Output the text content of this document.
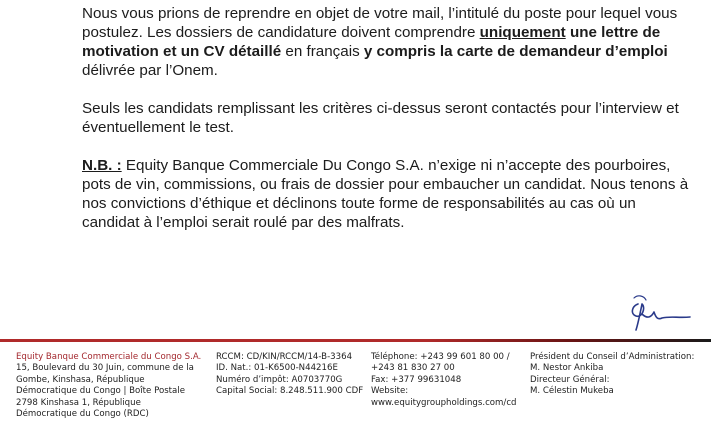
Nous vous prions de reprendre en objet de votre mail, l’intitulé du poste pour lequel vous postulez. Les dossiers de candidature doivent comprendre uniquement une lettre de motivation et un CV détaillé en français y compris la carte de demandeur d’emploi délivrée par l’Onem.

Seuls les candidats remplissant les critères ci-dessus seront contactés pour l’interview et éventuellement le test.

N.B. : Equity Banque Commerciale Du Congo S.A. n’exige ni n’accepte des pourboires, pots de vin, commissions, ou frais de dossier pour embaucher un candidat. Nous tenons à nos convictions d’éthique et déclinons toute forme de responsabilités au cas où un candidat à l’emploi serait roulé par des malfrats.

Equity Banque Commerciale du Congo S.A.
15, Boulevard du 30 Juin, commune de la
Gombe, Kinshasa, République
Démocratique du Congo | Boîte Postale
2798 Kinshasa 1, République
Démocratique du Congo (RDC)
RCCM: CD/KIN/RCCM/14-B-3364
ID. Nat.: 01-K6500-N44216E
Numéro d’impôt: A0703770G
Capital Social: 8.248.511.900 CDF
Téléphone: +243 99 601 80 00 /
+243 81 830 27 00
Fax: +377 99631048
Website:
www.equitygroupholdings.com/cd
Président du Conseil d’Administration:
M. Nestor Ankiba
Directeur Général:
M. Célestin Mukeba
